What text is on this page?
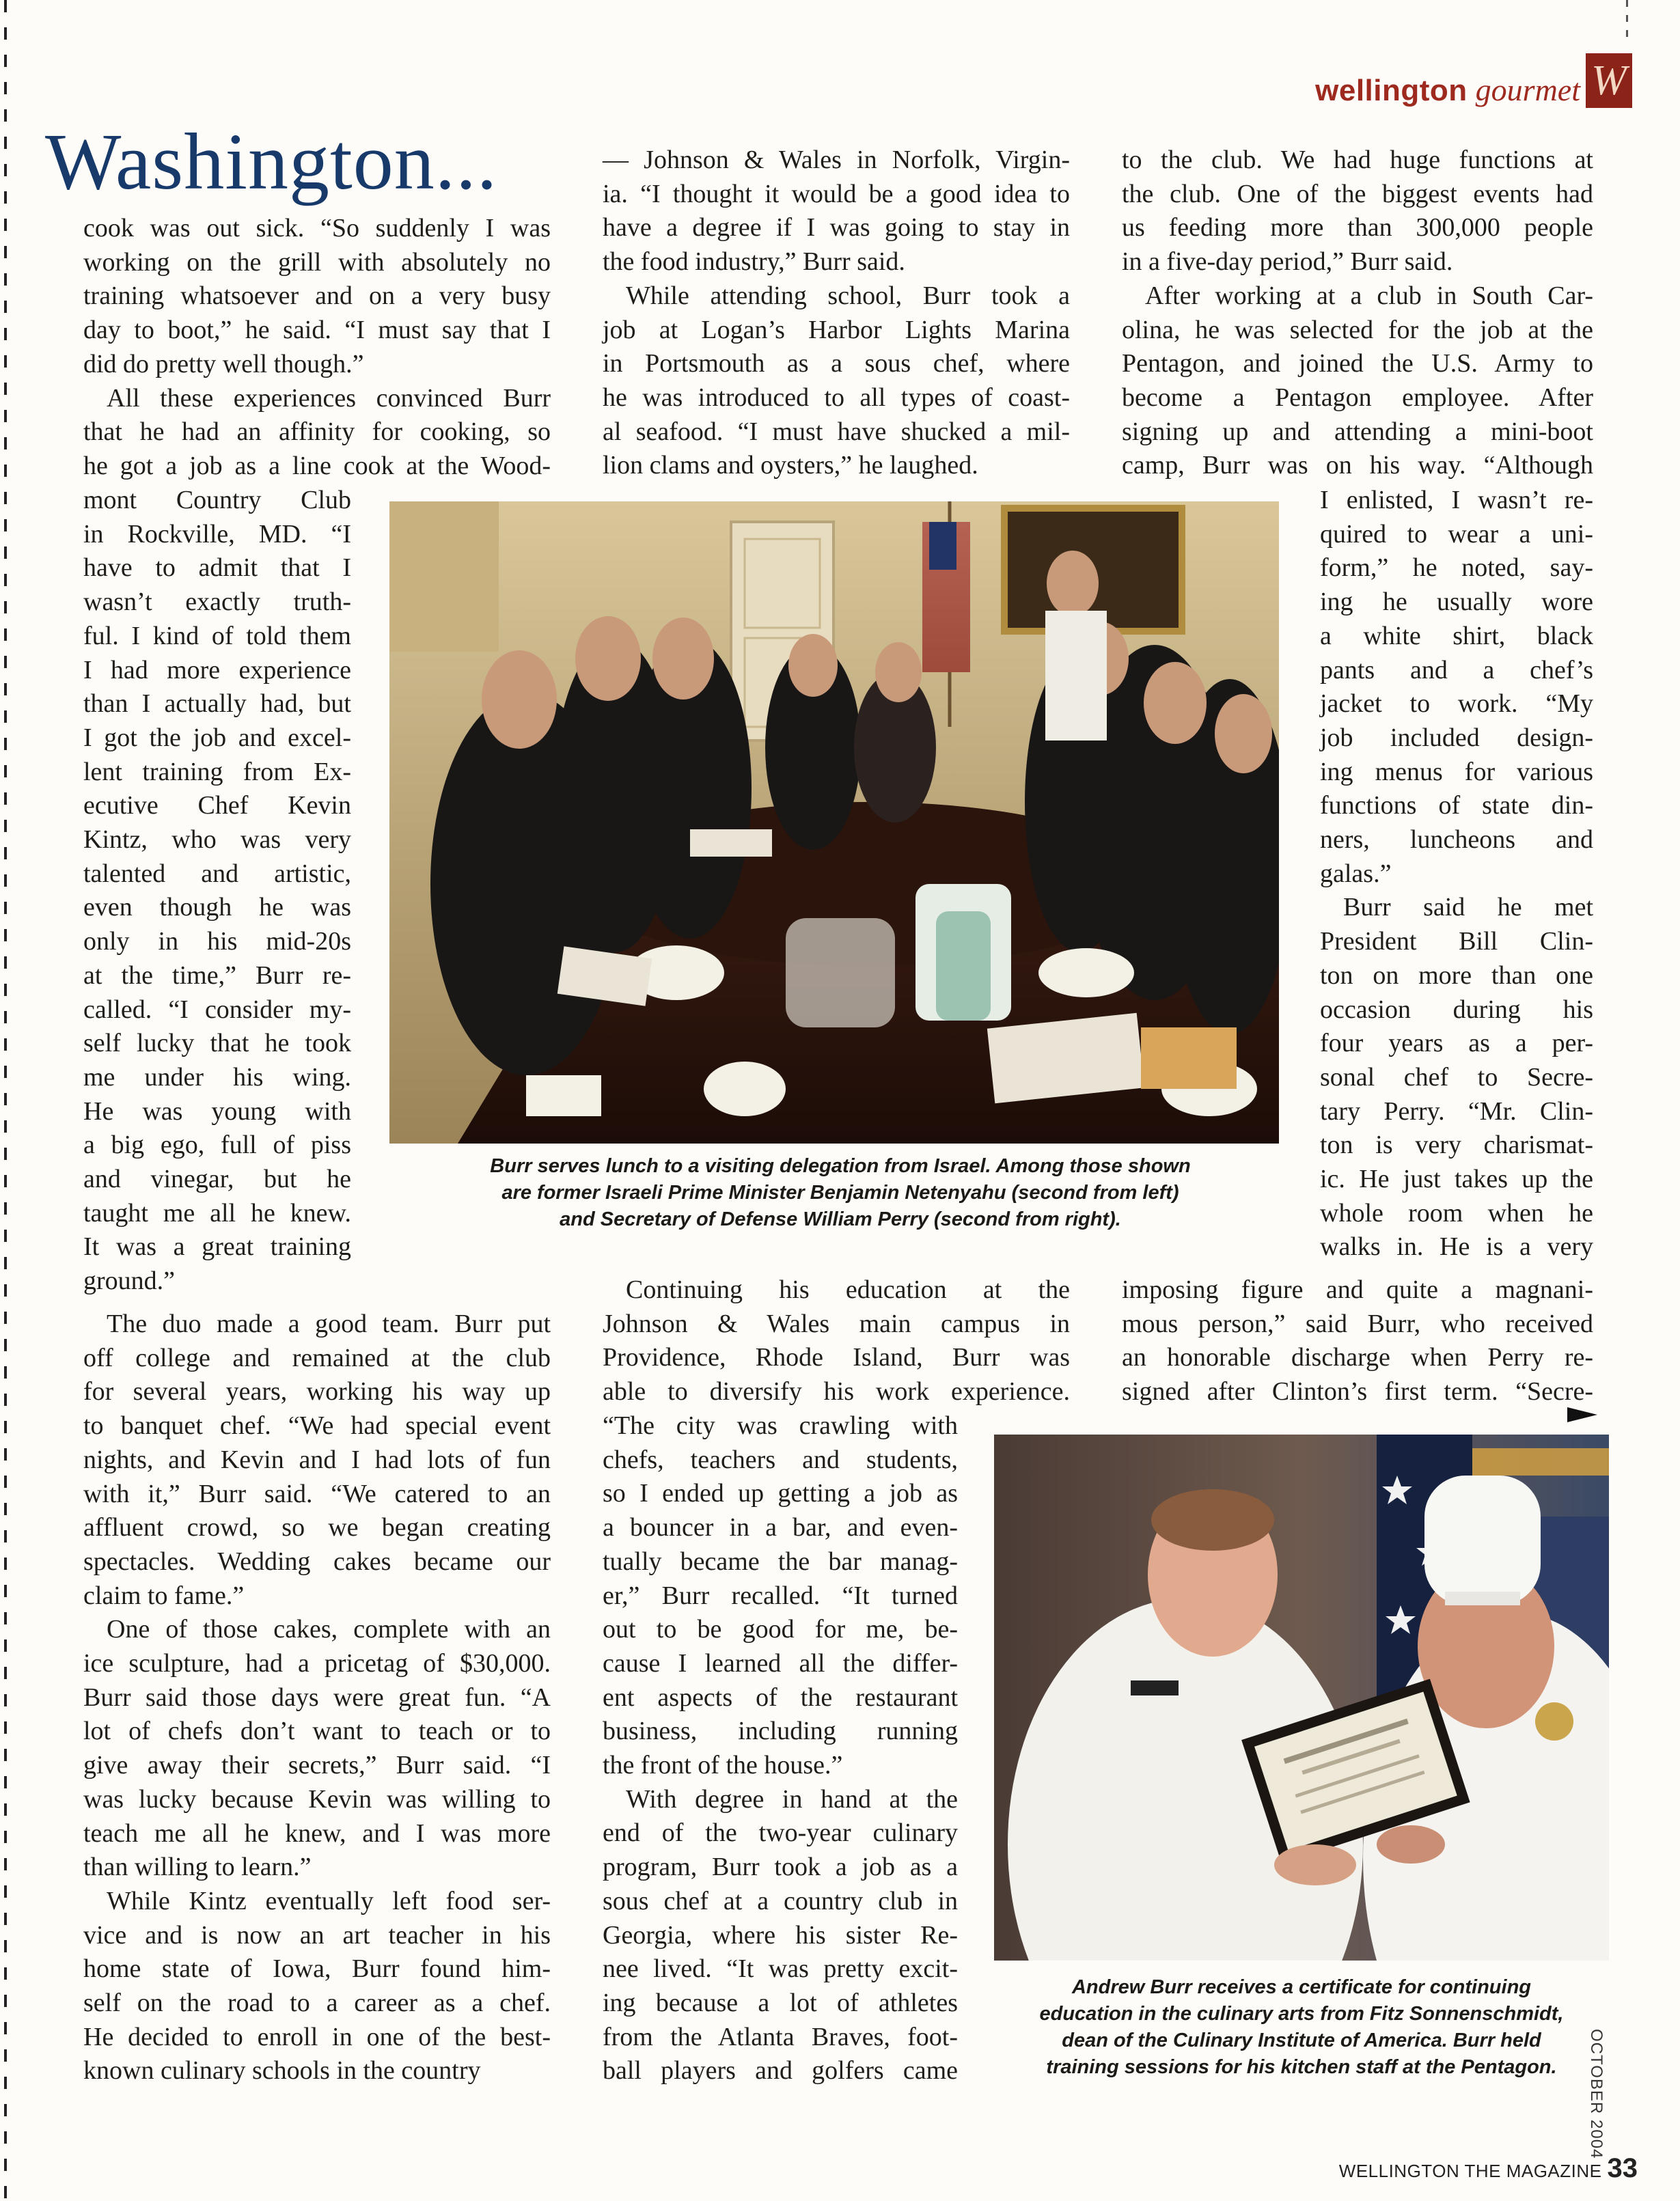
wellington gourmet W
Washington...
cook was out sick. “So suddenly I was
working on the grill with absolutely no
training whatsoever and on a very busy
day to boot,” he said. “I must say that I
did do pretty well though.”
All these experiences convinced Burr
that he had an affinity for cooking, so
he got a job as a line cook at the Wood-
mont Country Club
in Rockville, MD. “I
have to admit that I
wasn’t exactly truth-
ful. I kind of told them
I had more experience
than I actually had, but
I got the job and excel-
lent training from Ex-
ecutive Chef Kevin
Kintz, who was very
talented and artistic,
even though he was
only in his mid-20s
at the time,” Burr re-
called. “I consider my-
self lucky that he took
me under his wing.
He was young with
a big ego, full of piss
and vinegar, but he
taught me all he knew.
It was a great training
ground.”
The duo made a good team. Burr put
off college and remained at the club
for several years, working his way up
to banquet chef. “We had special event
nights, and Kevin and I had lots of fun
with it,” Burr said. “We catered to an
affluent crowd, so we began creating
spectacles. Wedding cakes became our
claim to fame.”
One of those cakes, complete with an
ice sculpture, had a pricetag of $30,000.
Burr said those days were great fun. “A
lot of chefs don’t want to teach or to
give away their secrets,” Burr said. “I
was lucky because Kevin was willing to
teach me all he knew, and I was more
than willing to learn.”
While Kintz eventually left food ser-
vice and is now an art teacher in his
home state of Iowa, Burr found him-
self on the road to a career as a chef.
He decided to enroll in one of the best-
known culinary schools in the country
— Johnson & Wales in Norfolk, Virgin-
ia. “I thought it would be a good idea to
have a degree if I was going to stay in
the food industry,” Burr said.
While attending school, Burr took a
job at Logan’s Harbor Lights Marina
in Portsmouth as a sous chef, where
he was introduced to all types of coast-
al seafood. “I must have shucked a mil-
lion clams and oysters,” he laughed.
Continuing his education at the
Johnson & Wales main campus in
Providence, Rhode Island, Burr was
able to diversify his work experience.
“The city was crawling with
chefs, teachers and students,
so I ended up getting a job as
a bouncer in a bar, and even-
tually became the bar manag-
er,” Burr recalled. “It turned
out to be good for me, be-
cause I learned all the differ-
ent aspects of the restaurant
business, including running
the front of the house.”
With degree in hand at the
end of the two-year culinary
program, Burr took a job as a
sous chef at a country club in
Georgia, where his sister Re-
nee lived. “It was pretty excit-
ing because a lot of athletes
from the Atlanta Braves, foot-
ball players and golfers came
to the club. We had huge functions at
the club. One of the biggest events had
us feeding more than 300,000 people
in a five-day period,” Burr said.
After working at a club in South Car-
olina, he was selected for the job at the
Pentagon, and joined the U.S. Army to
become a Pentagon employee. After
signing up and attending a mini-boot
camp, Burr was on his way. “Although
I enlisted, I wasn’t re-
quired to wear a uni-
form,” he noted, say-
ing he usually wore
a white shirt, black
pants and a chef’s
jacket to work. “My
job included design-
ing menus for various
functions of state din-
ners, luncheons and
galas.”
Burr said he met
President Bill Clin-
ton on more than one
occasion during his
four years as a per-
sonal chef to Secre-
tary Perry. “Mr. Clin-
ton is very charismat-
ic. He just takes up the
whole room when he
walks in. He is a very
imposing figure and quite a magnani-
mous person,” said Burr, who received
an honorable discharge when Perry re-
signed after Clinton’s first term. “Secre-
Burr serves lunch to a visiting delegation from Israel. Among those shown
are former Israeli Prime Minister Benjamin Netenyahu (second from left)
and Secretary of Defense William Perry (second from right).
Andrew Burr receives a certificate for continuing
education in the culinary arts from Fitz Sonnenschmidt,
dean of the Culinary Institute of America. Burr held
training sessions for his kitchen staff at the Pentagon.	OCTOBER 2004
WELLINGTON THE MAGAZINE 33
